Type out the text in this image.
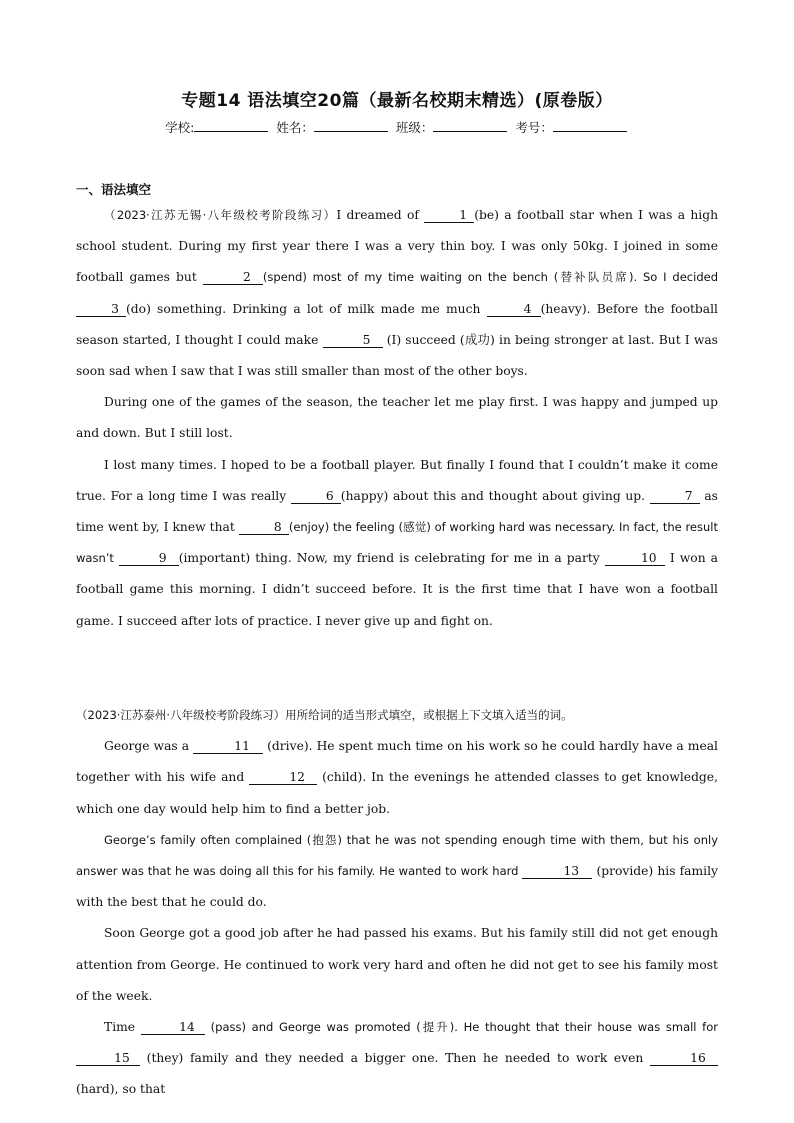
专题14 语法填空20篇（最新名校期末精选）(原卷版）
学校:	姓名：	班级：	考号：
一、语法填空

（2023·江苏无锡·八年级校考阶段练习）I dreamed of	1 (be) a football star when I was a high school student. During my first year there I was a very thin boy. I was only 50kg. I joined in some football games but	2 (spend) most of my time waiting on the bench (替补队员席). So I decided 3 (do) something. Drinking a lot of milk made me much	4 (heavy). Before the football season started, I thought I could make	5 (I) succeed (成功) in being stronger at last. But I was soon sad when I saw that I was still smaller than most of the other boys.

During one of the games of the season, the teacher let me play first. I was happy and jumped up and down. But I still lost.

I lost many times. I hoped to be a football player. But finally I found that I couldn’t make it come true. For a long time I was really	6 (happy) about this and thought about giving up.	7 as time went by, I knew that	8 (enjoy) the feeling (感觉) of working hard was necessary. In fact, the result wasn’t	9 (important) thing. Now, my friend is celebrating for me in a party	10 I won a football game this morning. I didn’t succeed before. It is the first time that I have won a football game. I succeed after lots of practice. I never give up and fight on.

（2023·江苏泰州·八年级校考阶段练习）用所给词的适当形式填空，或根据上下文填入适当的词。

George was a	11 (drive). He spent much time on his work so he could hardly have a meal together with his wife and	12 (child). In the evenings he attended classes to get knowledge, which one day would help him to find a better job.

George’s family often complained (抱怨) that he was not spending enough time with them, but his only answer was that he was doing all this for his family. He wanted to work hard	13 (provide) his family with the best that he could do.

Soon George got a good job after he had passed his exams. But his family still did not get enough attention from George. He continued to work very hard and often he did not get to see his family most of the week.

Time	14 (pass) and George was promoted (提升). He thought that their house was small for 15 (they) family and they needed a bigger one. Then he needed to work even	16 (hard), so that
